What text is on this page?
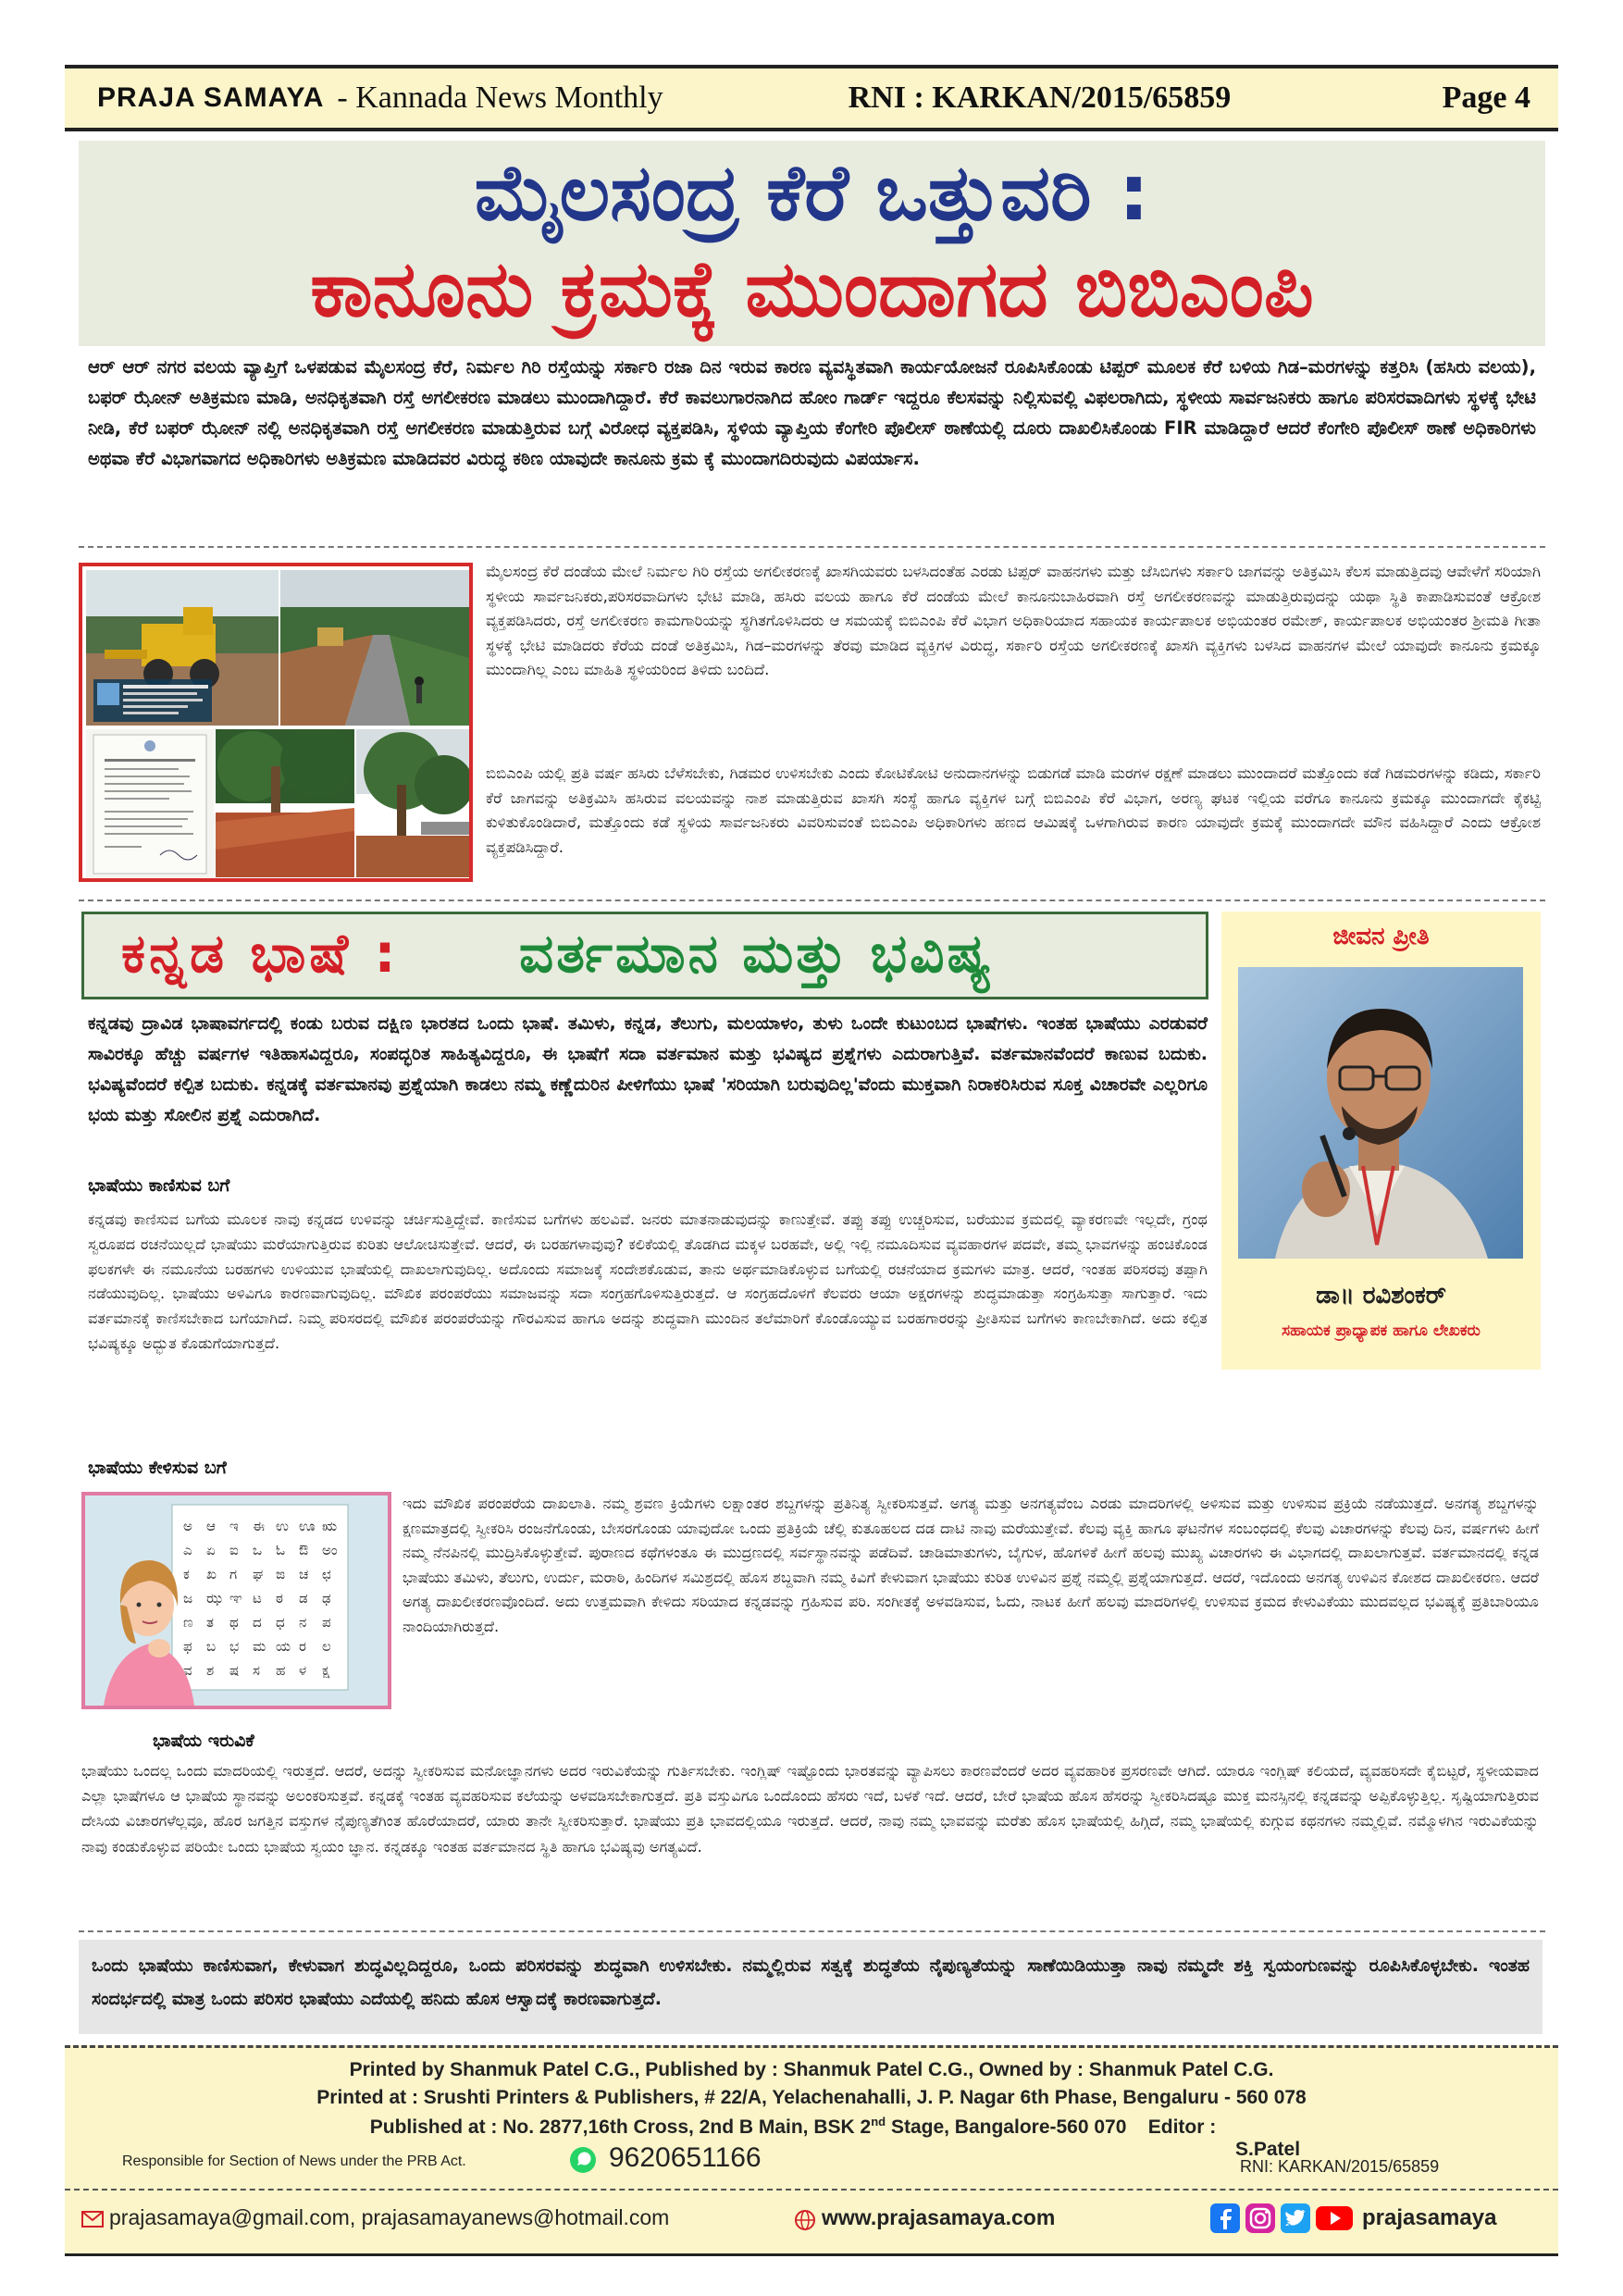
PRAJA SAMAYA - Kannada News Monthly	RNI : KARKAN/2015/65859	Page 4
ಮೈಲಸಂದ್ರ ಕೆರೆ ಒತ್ತುವರಿ :
ಕಾನೂನು ಕ್ರಮಕ್ಕೆ ಮುಂದಾಗದ ಬಿಬಿಎಂಪಿ
ಆರ್ ಆರ್ ನಗರ ವಲಯ ವ್ಯಾಪ್ತಿಗೆ ಒಳಪಡುವ ಮೈಲಸಂದ್ರ ಕೆರೆ, ನಿರ್ಮಲ ಗಿರಿ ರಸ್ತೆಯನ್ನು ಸರ್ಕಾರಿ ರಜಾ ದಿನ ಇರುವ ಕಾರಣ ವ್ಯವಸ್ಥಿತವಾಗಿ ಕಾರ್ಯಯೋಜನೆ ರೂಪಿಸಿಕೊಂಡು ಟಿಪ್ಪರ್ ಮೂಲಕ ಕೆರೆ ಬಳಿಯ ಗಿಡ–ಮರಗಳನ್ನು ಕತ್ತರಿಸಿ (ಹಸಿರು ವಲಯ), ಬಫರ್ ಝೋನ್ ಅತಿಕ್ರಮಣ ಮಾಡಿ, ಅನಧಿಕೃತವಾಗಿ ರಸ್ತೆ ಅಗಲೀಕರಣ ಮಾಡಲು ಮುಂದಾಗಿದ್ದಾರೆ. ಕೆರೆ ಕಾವಲುಗಾರನಾಗಿದ ಹೋಂ ಗಾರ್ಡ್ ಇದ್ದರೂ ಕೆಲಸವನ್ನು ನಿಲ್ಲಿಸುವಲ್ಲಿ ವಿಫಲರಾಗಿದು, ಸ್ಥಳೀಯ ಸಾರ್ವಜನಿಕರು ಹಾಗೂ ಪರಿಸರವಾದಿಗಳು ಸ್ಥಳಕ್ಕೆ ಭೇಟಿ ನೀಡಿ, ಕೆರೆ ಬಫರ್ ಝೋನ್ ನಲ್ಲಿ ಅನಧಿಕೃತವಾಗಿ ರಸ್ತೆ ಅಗಲೀಕರಣ ಮಾಡುತ್ತಿರುವ ಬಗ್ಗೆ ವಿರೋಧ ವ್ಯಕ್ತಪಡಿಸಿ, ಸ್ಥಳಿಯ ವ್ಯಾಪ್ತಿಯ ಕೆಂಗೇರಿ ಪೊಲೀಸ್ ಠಾಣೆಯಲ್ಲಿ ದೂರು ದಾಖಲಿಸಿಕೊಂಡು FIR ಮಾಡಿದ್ದಾರೆ ಆದರೆ ಕೆಂಗೇರಿ ಪೊಲೀಸ್ ಠಾಣೆ ಅಧಿಕಾರಿಗಳು ಅಥವಾ ಕೆರೆ ವಿಭಾಗವಾಗದ ಅಧಿಕಾರಿಗಳು ಅತಿಕ್ರಮಣ ಮಾಡಿದವರ ವಿರುದ್ಧ ಕಠಿಣ ಯಾವುದೇ ಕಾನೂನು ಕ್ರಮ ಕ್ಕೆ ಮುಂದಾಗದಿರುವುದು ವಿಪರ್ಯಾಸ.
ಮೈಲಸಂದ್ರ ಕೆರೆ ದಂಡೆಯ ಮೇಲೆ ನಿರ್ಮಲ ಗಿರಿ ರಸ್ತೆಯ ಅಗಲೀಕರಣಕ್ಕೆ ಖಾಸಗಿಯವರು ಬಳಸಿದಂತೆಹ ಎರಡು ಟಿಪ್ಪರ್ ವಾಹನಗಳು ಮತ್ತು ಜೆಸಿಬಿಗಳು ಸರ್ಕಾರಿ ಜಾಗವನ್ನು ಅತಿಕ್ರಮಿಸಿ ಕೆಲಸ ಮಾಡುತ್ತಿದವು ಆವೇಳೆಗೆ ಸರಿಯಾಗಿ ಸ್ಥಳೀಯ ಸಾರ್ವಜನಿಕರು,ಪರಿಸರವಾದಿಗಳು ಭೇಟಿ ಮಾಡಿ, ಹಸಿರು ವಲಯ ಹಾಗೂ ಕೆರೆ ದಂಡೆಯ ಮೇಲೆ ಕಾನೂನುಬಾಹಿರವಾಗಿ ರಸ್ತೆ ಅಗಲೀಕರಣವನ್ನು ಮಾಡುತ್ತಿರುವುದನ್ನು ಯಥಾ ಸ್ಥಿತಿ ಕಾಪಾಡಿಸುವಂತೆ ಆಕ್ರೋಶ ವ್ಯಕ್ತಪಡಿಸಿದರು, ರಸ್ತೆ ಅಗಲೀಕರಣ ಕಾಮಗಾರಿಯನ್ನು ಸ್ಥಗಿತಗೊಳಿಸಿದರು ಆ ಸಮಯಕ್ಕೆ ಬಿಬಿಎಂಪಿ ಕೆರೆ ವಿಭಾಗ ಅಧಿಕಾರಿಯಾದ ಸಹಾಯಕ ಕಾರ್ಯಪಾಲಕ ಅಭಿಯಂತರ ರಮೇಶ್, ಕಾರ್ಯಪಾಲಕ ಅಭಿಯಂತರ ಶ್ರೀಮತಿ ಗೀತಾ ಸ್ಥಳಕ್ಕೆ ಭೇಟಿ ಮಾಡಿದರು ಕೆರೆಯ ದಂಡೆ ಅತಿಕ್ರಮಿಸಿ, ಗಿಡ–ಮರಗಳನ್ನು ತೆರವು ಮಾಡಿದ ವ್ಯಕ್ತಿಗಳ ವಿರುದ್ಧ, ಸರ್ಕಾರಿ ರಸ್ತೆಯ ಅಗಲೀಕರಣಕ್ಕೆ ಖಾಸಗಿ ವ್ಯಕ್ತಿಗಳು ಬಳಸಿದ ವಾಹನಗಳ ಮೇಲೆ ಯಾವುದೇ ಕಾನೂನು ಕ್ರಮಕ್ಕೂ ಮುಂದಾಗಿಲ್ಲ ಎಂಬ ಮಾಹಿತಿ ಸ್ಥಳಿಯರಿಂದ ತಿಳಿದು ಬಂದಿದೆ.
ಬಿಬಿಎಂಪಿ ಯಲ್ಲಿ ಪ್ರತಿ ವರ್ಷ ಹಸಿರು ಬೆಳೆಸಬೇಕು, ಗಿಡಮರ ಉಳಿಸಬೇಕು ಎಂದು ಕೋಟಿಕೋಟಿ ಅನುದಾನಗಳನ್ನು ಬಿಡುಗಡೆ ಮಾಡಿ ಮರಗಳ ರಕ್ಷಣೆ ಮಾಡಲು ಮುಂದಾದರೆ ಮತ್ತೊಂದು ಕಡೆ ಗಿಡಮರಗಳನ್ನು ಕಡಿದು, ಸರ್ಕಾರಿ ಕೆರೆ ಜಾಗವನ್ನು ಅತಿಕ್ರಮಿಸಿ ಹಸಿರುವ ವಲಯವನ್ನು ನಾಶ ಮಾಡುತ್ತಿರುವ ಖಾಸಗಿ ಸಂಸ್ಥೆ ಹಾಗೂ ವ್ಯಕ್ತಿಗಳ ಬಗ್ಗೆ ಬಿಬಿಎಂಪಿ ಕೆರೆ ವಿಭಾಗ, ಅರಣ್ಯ ಘಟಕ ಇಲ್ಲಿಯ ವರೆಗೂ ಕಾನೂನು ಕ್ರಮಕ್ಕೂ ಮುಂದಾಗದೇ ಕೈಕಟ್ಟಿ ಕುಳಿತುಕೊಂಡಿದಾರೆ, ಮತ್ತೊಂದು ಕಡೆ ಸ್ಥಳಿಯ ಸಾರ್ವಜನಿಕರು ವಿವರಿಸುವಂತೆ ಬಿಬಿಎಂಪಿ ಅಧಿಕಾರಿಗಳು ಹಣದ ಆಮಿಷಕ್ಕೆ ಒಳಗಾಗಿರುವ ಕಾರಣ ಯಾವುದೇ ಕ್ರಮಕ್ಕೆ ಮುಂದಾಗದೇ ಮೌನ ವಹಿಸಿದ್ದಾರೆ ಎಂದು ಆಕ್ರೋಶ ವ್ಯಕ್ತಪಡಿಸಿದ್ದಾರೆ.
ಕನ್ನಡ ಭಾಷೆ : ವರ್ತಮಾನ ಮತ್ತು ಭವಿಷ್ಯ
ಕನ್ನಡವು ದ್ರಾವಿಡ ಭಾಷಾವರ್ಗದಲ್ಲಿ ಕಂಡು ಬರುವ ದಕ್ಷಿಣ ಭಾರತದ ಒಂದು ಭಾಷೆ. ತಮಿಳು, ಕನ್ನಡ, ತೆಲುಗು, ಮಲಯಾಳಂ, ತುಳು ಒಂದೇ ಕುಟುಂಬದ ಭಾಷೆಗಳು. ಇಂತಹ ಭಾಷೆಯು ಎರಡುವರೆ ಸಾವಿರಕ್ಕೂ ಹೆಚ್ಚು ವರ್ಷಗಳ ಇತಿಹಾಸವಿದ್ದರೂ, ಸಂಪದ್ಭರಿತ ಸಾಹಿತ್ಯವಿದ್ದರೂ, ಈ ಭಾಷೆಗೆ ಸದಾ ವರ್ತಮಾನ ಮತ್ತು ಭವಿಷ್ಯದ ಪ್ರಶ್ನೆಗಳು ಎದುರಾಗುತ್ತಿವೆ. ವರ್ತಮಾನವೆಂದರೆ ಕಾಣುವ ಬದುಕು. ಭವಿಷ್ಯವೆಂದರೆ ಕಲ್ಪಿತ ಬದುಕು. ಕನ್ನಡಕ್ಕೆ ವರ್ತಮಾನವು ಪ್ರಶ್ನೆಯಾಗಿ ಕಾಡಲು ನಮ್ಮ ಕಣ್ಣೆದುರಿನ ಪೀಳಿಗೆಯು ಭಾಷೆ 'ಸರಿಯಾಗಿ ಬರುವುದಿಲ್ಲ'ವೆಂದು ಮುಕ್ತವಾಗಿ ನಿರಾಕರಿಸಿರುವ ಸೂಕ್ತ ವಿಚಾರವೇ ಎಲ್ಲರಿಗೂ ಭಯ ಮತ್ತು ಸೋಲಿನ ಪ್ರಶ್ನೆ ಎದುರಾಗಿದೆ.
ಜೀವನ ಪ್ರೀತಿ
ಡಾ॥ ರವಿಶಂಕರ್
ಸಹಾಯಕ ಪ್ರಾಧ್ಯಾಪಕ ಹಾಗೂ ಲೇಖಕರು
ಭಾಷೆಯು ಕಾಣಿಸುವ ಬಗೆ
ಕನ್ನಡವು ಕಾಣಿಸುವ ಬಗೆಯ ಮೂಲಕ ನಾವು ಕನ್ನಡದ ಉಳಿವನ್ನು ಚರ್ಚಿಸುತ್ತಿದ್ದೇವೆ. ಕಾಣಿಸುವ ಬಗೆಗಳು ಹಲವಿವೆ. ಜನರು ಮಾತನಾಡುವುದನ್ನು ಕಾಣುತ್ತೇವೆ. ತಪ್ಪು ತಪ್ಪು ಉಚ್ಚರಿಸುವ, ಬರೆಯುವ ಕ್ರಮದಲ್ಲಿ ವ್ಯಾಕರಣವೇ ಇಲ್ಲದೇ, ಗ್ರಂಥ ಸ್ವರೂಪದ ರಚನೆಯಿಲ್ಲದೆ ಭಾಷೆಯು ಮರೆಯಾಗುತ್ತಿರುವ ಕುರಿತು ಆಲೋಚಿಸುತ್ತೇವೆ. ಆದರೆ, ಈ ಬರಹಗಳಾವುವು? ಕಲಿಕೆಯಲ್ಲಿ ತೊಡಗಿದ ಮಕ್ಕಳ ಬರಹವೇ, ಅಲ್ಲಿ ಇಲ್ಲಿ ನಮೂದಿಸುವ ವ್ಯವಹಾರಗಳ ಪದವೇ, ತಮ್ಮ ಭಾವಗಳನ್ನು ಹಂಚಿಕೊಂಡ ಫಲಕಗಳೇ ಈ ನಮೂನೆಯ ಬರಹಗಳು ಉಳಿಯುವ ಭಾಷೆಯಲ್ಲಿ ದಾಖಲಾಗುವುದಿಲ್ಲ. ಅದೊಂದು ಸಮಾಜಕ್ಕೆ ಸಂದೇಶಕೊಡುವ, ತಾನು ಅರ್ಥಮಾಡಿಕೊಳ್ಳುವ ಬಗೆಯಲ್ಲಿ ರಚನೆಯಾದ ಕ್ರಮಗಳು ಮಾತ್ರ. ಆದರೆ, ಇಂತಹ ಪರಿಸರವು ತಪ್ಪಾಗಿ ನಡೆಯುವುದಿಲ್ಲ. ಭಾಷೆಯು ಅಳಿವಿಗೂ ಕಾರಣವಾಗುವುದಿಲ್ಲ. ಮೌಖಿಕ ಪರಂಪರೆಯು ಸಮಾಜವನ್ನು ಸದಾ ಸಂಗ್ರಹಗೊಳಿಸುತ್ತಿರುತ್ತದೆ. ಆ ಸಂಗ್ರಹದೊಳಗೆ ಕೆಲವರು ಆಯಾ ಅಕ್ಷರಗಳನ್ನು ಶುದ್ಧಮಾಡುತ್ತಾ ಸಂಗ್ರಹಿಸುತ್ತಾ ಸಾಗುತ್ತಾರೆ. ಇದು ವರ್ತಮಾನಕ್ಕೆ ಕಾಣಿಸಬೇಕಾದ ಬಗೆಯಾಗಿದೆ. ನಿಮ್ಮ ಪರಿಸರದಲ್ಲಿ ಮೌಖಿಕ ಪರಂಪರೆಯನ್ನು ಗೌರವಿಸುವ ಹಾಗೂ ಅದನ್ನು ಶುದ್ಧವಾಗಿ ಮುಂದಿನ ತಲೆಮಾರಿಗೆ ಕೊಂಡೊಯ್ಯುವ ಬರಹಗಾರರನ್ನು ಪ್ರೀತಿಸುವ ಬಗೆಗಳು ಕಾಣಬೇಕಾಗಿದೆ. ಅದು ಕಲ್ಪಿತ ಭವಿಷ್ಯಕ್ಕೂ ಅದ್ಭುತ ಕೊಡುಗೆಯಾಗುತ್ತದೆ.
ಭಾಷೆಯು ಕೇಳಿಸುವ ಬಗೆ
ಅ ಆ ಇ ಈ ಉ ಊ ಋ
ಎ ಏ ಐ ಒ ಓ ಔ ಅಂ
ಕ ಖ ಗ ಘ ಙ ಚ ಛ
ಜ ಝ ಞ ಟ ಠ ಡ ಢ
ಣ ತ ಥ ದ ಧ ನ ಪ
ಫ ಬ ಭ ಮ ಯ ರ ಲ
ವ ಶ ಷ ಸ ಹ ಳ ಕ್ಷ
ಇದು ಮೌಖಿಕ ಪರಂಪರೆಯ ದಾಖಲಾತಿ. ನಮ್ಮ ಶ್ರವಣ ಕ್ರಿಯೆಗಳು ಲಕ್ಷಾಂತರ ಶಬ್ದಗಳನ್ನು ಪ್ರತಿನಿತ್ಯ ಸ್ವೀಕರಿಸುತ್ತವೆ. ಅಗತ್ಯ ಮತ್ತು ಅನಗತ್ಯವೆಂಬ ಎರಡು ಮಾದರಿಗಳಲ್ಲಿ ಅಳಿಸುವ ಮತ್ತು ಉಳಿಸುವ ಪ್ರಕ್ರಿಯೆ ನಡೆಯುತ್ತದೆ. ಅನಗತ್ಯ ಶಬ್ದಗಳನ್ನು ಕ್ಷಣಮಾತ್ರದಲ್ಲಿ ಸ್ವೀಕರಿಸಿ ರಂಜನೆಗೊಂಡು, ಬೇಸರಗೊಂಡು ಯಾವುದೋ ಒಂದು ಪ್ರತಿಕ್ರಿಯೆ ಚೆಲ್ಲಿ ಕುತೂಹಲದ ದಡ ದಾಟಿ ನಾವು ಮರೆಯುತ್ತೇವೆ. ಕೆಲವು ವ್ಯಕ್ತಿ ಹಾಗೂ ಘಟನೆಗಳ ಸಂಬಂಧದಲ್ಲಿ ಕೆಲವು ವಿಚಾರಗಳನ್ನು ಕೆಲವು ದಿನ, ವರ್ಷಗಳು ಹೀಗೆ ನಮ್ಮ ನೆನಪಿನಲ್ಲಿ ಮುದ್ರಿಸಿಕೊಳ್ಳುತ್ತೇವೆ. ಪುರಾಣದ ಕಥೆಗಳಂತೂ ಈ ಮುದ್ರಣದಲ್ಲಿ ಸರ್ವಸ್ಥಾನವನ್ನು ಪಡೆದಿವೆ. ಚಾಡಿಮಾತುಗಳು, ಬೈಗುಳ, ಹೊಗಳಿಕೆ ಹೀಗೆ ಹಲವು ಮುಖ್ಯ ವಿಚಾರಗಳು ಈ ವಿಭಾಗದಲ್ಲಿ ದಾಖಲಾಗುತ್ತವೆ. ವರ್ತಮಾನದಲ್ಲಿ ಕನ್ನಡ ಭಾಷೆಯು ತಮಿಳು, ತೆಲುಗು, ಉರ್ದು, ಮರಾಠಿ, ಹಿಂದಿಗಳ ಸಮಿಶ್ರದಲ್ಲಿ ಹೊಸ ಶಬ್ದವಾಗಿ ನಮ್ಮ ಕಿವಿಗೆ ಕೇಳುವಾಗ ಭಾಷೆಯು ಕುರಿತ ಉಳಿವಿನ ಪ್ರಶ್ನೆ ನಮ್ಮಲ್ಲಿ ಪ್ರಶ್ನೆಯಾಗುತ್ತದೆ. ಆದರೆ, ಇದೊಂದು ಅನಗತ್ಯ ಉಳಿವಿನ ಕೋಶದ ದಾಖಲೀಕರಣ. ಆದರೆ ಅಗತ್ಯ ದಾಖಲೀಕರಣವೊಂದಿದೆ. ಅದು ಉತ್ತಮವಾಗಿ ಕೇಳಿದು ಸರಿಯಾದ ಕನ್ನಡವನ್ನು ಗ್ರಹಿಸುವ ಪರಿ. ಸಂಗೀತಕ್ಕೆ ಅಳವಡಿಸುವ, ಓದು, ನಾಟಕ ಹೀಗೆ ಹಲವು ಮಾದರಿಗಳಲ್ಲಿ ಉಳಿಸುವ ಕ್ರಮದ ಕೇಳುವಿಕೆಯು ಮುದವಲ್ಲದ ಭವಿಷ್ಯಕ್ಕೆ ಪ್ರತಿಬಾರಿಯೂ ನಾಂದಿಯಾಗಿರುತ್ತದೆ.
ಭಾಷೆಯ ಇರುವಿಕೆ
ಭಾಷೆಯು ಒಂದಲ್ಲ ಒಂದು ಮಾದರಿಯಲ್ಲಿ ಇರುತ್ತದೆ. ಆದರೆ, ಅದನ್ನು ಸ್ವೀಕರಿಸುವ ಮನೋಜ್ಞಾನಗಳು ಅದರ ಇರುವಿಕೆಯನ್ನು ಗುರ್ತಿಸಬೇಕು. ಇಂಗ್ಲಿಷ್ ಇಷ್ಟೊಂದು ಭಾರತವನ್ನು ವ್ಯಾಪಿಸಲು ಕಾರಣವೆಂದರೆ ಅದರ ವ್ಯವಹಾರಿಕ ಪ್ರಸರಣವೇ ಆಗಿದೆ. ಯಾರೂ ಇಂಗ್ಲಿಷ್ ಕಲಿಯದೆ, ವ್ಯವಹರಿಸದೇ ಕೈಬಿಟ್ಟರೆ, ಸ್ಥಳೀಯವಾದ ಎಲ್ಲಾ ಭಾಷೆಗಳೂ ಆ ಭಾಷೆಯ ಸ್ಥಾನವನ್ನು ಅಲಂಕರಿಸುತ್ತವೆ. ಕನ್ನಡಕ್ಕೆ ಇಂತಹ ವ್ಯವಹರಿಸುವ ಕಲೆಯನ್ನು ಅಳವಡಿಸಬೇಕಾಗುತ್ತದೆ. ಪ್ರತಿ ವಸ್ತುವಿಗೂ ಒಂದೊಂದು ಹೆಸರು ಇದೆ, ಬಳಕೆ ಇದೆ. ಆದರೆ, ಬೇರೆ ಭಾಷೆಯ ಹೊಸ ಹೆಸರನ್ನು ಸ್ವೀಕರಿಸಿದಷ್ಟೂ ಮುಕ್ತ ಮನಸ್ಸಿನಲ್ಲಿ ಕನ್ನಡವನ್ನು ಅಪ್ಪಿಕೊಳ್ಳುತ್ತಿಲ್ಲ. ಸೃಷ್ಟಿಯಾಗುತ್ತಿರುವ ದೇಸಿಯ ವಿಚಾರಗಳೆಲ್ಲವೂ, ಹೊರ ಜಗತ್ತಿನ ವಸ್ತುಗಳ ನೈಪುಣ್ಯತೆಗಿಂತ ಹೊರೆಯಾದರೆ, ಯಾರು ತಾನೇ ಸ್ವೀಕರಿಸುತ್ತಾರೆ. ಭಾಷೆಯು ಪ್ರತಿ ಭಾವದಲ್ಲಿಯೂ ಇರುತ್ತದೆ. ಆದರೆ, ನಾವು ನಮ್ಮ ಭಾವವನ್ನು ಮರೆತು ಹೊಸ ಭಾಷೆಯಲ್ಲಿ ಹಿಗ್ಗಿದೆ, ನಮ್ಮ ಭಾಷೆಯಲ್ಲಿ ಕುಗ್ಗುವ ಕಥನಗಳು ನಮ್ಮಲ್ಲಿವೆ. ನಮ್ಮೊಳಗಿನ ಇರುವಿಕೆಯನ್ನು ನಾವು ಕಂಡುಕೊಳ್ಳುವ ಪರಿಯೇ ಒಂದು ಭಾಷೆಯ ಸ್ವಯಂ ಜ್ಞಾನ. ಕನ್ನಡಕ್ಕೂ ಇಂತಹ ವರ್ತಮಾನದ ಸ್ಥಿತಿ ಹಾಗೂ ಭವಿಷ್ಯವು ಅಗತ್ಯವಿದೆ.
ಒಂದು ಭಾಷೆಯು ಕಾಣಿಸುವಾಗ, ಕೇಳುವಾಗ ಶುದ್ಧವಿಲ್ಲದಿದ್ದರೂ, ಒಂದು ಪರಿಸರವನ್ನು ಶುದ್ಧವಾಗಿ ಉಳಿಸಬೇಕು. ನಮ್ಮಲ್ಲಿರುವ ಸತ್ವಕ್ಕೆ ಶುದ್ಧತೆಯ ನೈಪುಣ್ಯತೆಯನ್ನು ಸಾಣೆಯಿಡಿಯುತ್ತಾ ನಾವು ನಮ್ಮದೇ ಶಕ್ತಿ ಸ್ವಯಂಗುಣವನ್ನು ರೂಪಿಸಿಕೊಳ್ಳಬೇಕು. ಇಂತಹ ಸಂದರ್ಭದಲ್ಲಿ ಮಾತ್ರ ಒಂದು ಪರಿಸರ ಭಾಷೆಯು ಎದೆಯಲ್ಲಿ ಹನಿದು ಹೊಸ ಆಸ್ವಾದಕ್ಕೆ ಕಾರಣವಾಗುತ್ತದೆ.
Printed by Shanmuk Patel C.G., Published by : Shanmuk Patel C.G., Owned by : Shanmuk Patel C.G.
Printed at : Srushti Printers & Publishers, # 22/A, Yelachenahalli, J. P. Nagar 6th Phase, Bengaluru - 560 078
Published at : No. 2877,16th Cross, 2nd B Main, BSK 2nd Stage, Bangalore-560 070 Editor :
S.Patel
Responsible for Section of News under the PRB Act.	9620651166	RNI: KARKAN/2015/65859
prajasamaya@gmail.com, prajasamayanews@hotmail.com	www.prajasamaya.com	prajasamaya
